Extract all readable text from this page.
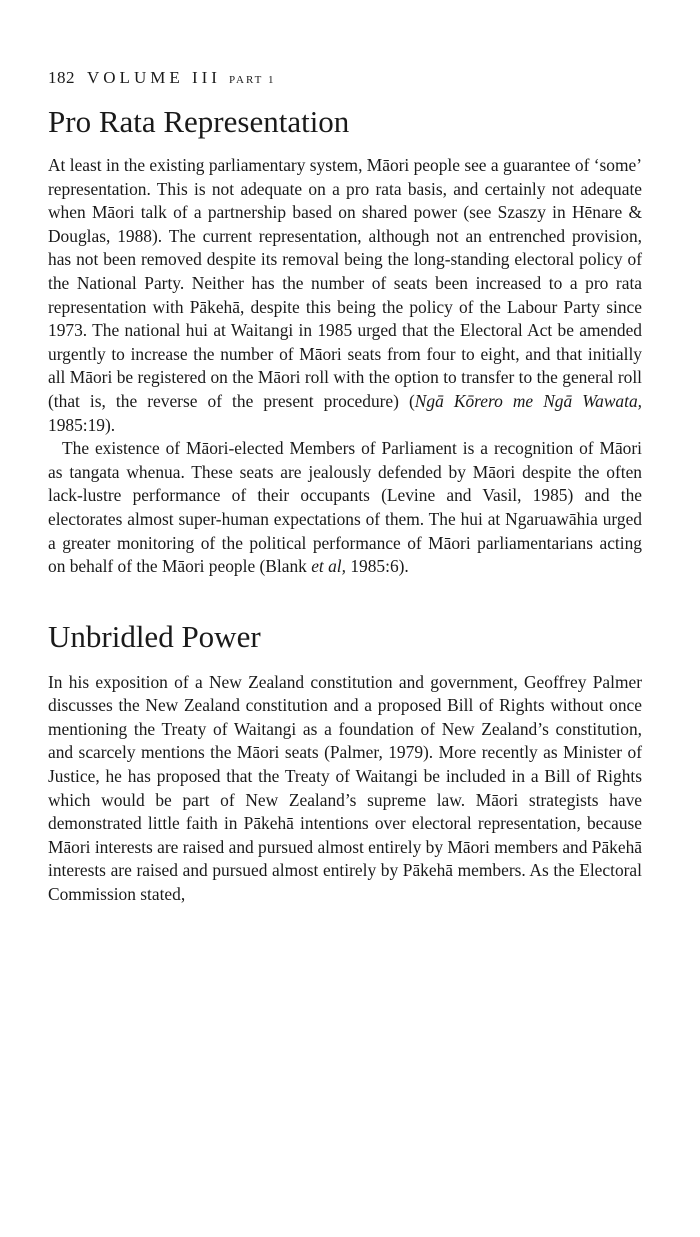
182 VOLUME III PART 1
Pro Rata Representation

At least in the existing parliamentary system, Māori people see a guarantee of ‘some’ representation. This is not adequate on a pro rata basis, and certainly not adequate when Māori talk of a partnership based on shared power (see Szaszy in Hēnare & Douglas, 1988). The current representation, although not an entrenched provision, has not been removed despite its removal being the long-standing electoral policy of the National Party. Neither has the number of seats been increased to a pro rata representation with Pākehā, despite this being the policy of the Labour Party since 1973. The national hui at Waitangi in 1985 urged that the Electoral Act be amended urgently to increase the number of Māori seats from four to eight, and that initially all Māori be registered on the Māori roll with the option to transfer to the general roll (that is, the reverse of the present procedure) (Ngā Kōrero me Ngā Wawata, 1985:19).

The existence of Māori-elected Members of Parliament is a recognition of Māori as tangata whenua. These seats are jealously defended by Māori despite the often lack-lustre performance of their occupants (Levine and Vasil, 1985) and the electorates almost super-human expectations of them. The hui at Ngaruawāhia urged a greater monitoring of the political performance of Māori parliamentarians acting on behalf of the Māori people (Blank et al, 1985:6).

Unbridled Power

In his exposition of a New Zealand constitution and government, Geoffrey Palmer discusses the New Zealand constitution and a proposed Bill of Rights without once mentioning the Treaty of Waitangi as a foundation of New Zealand’s constitution, and scarcely mentions the Māori seats (Palmer, 1979). More recently as Minister of Justice, he has proposed that the Treaty of Waitangi be included in a Bill of Rights which would be part of New Zealand’s supreme law. Māori strategists have demonstrated little faith in Pākehā intentions over electoral representation, because Māori interests are raised and pursued almost entirely by Māori members and Pākehā interests are raised and pursued almost entirely by Pākehā members. As the Electoral Commission stated,
